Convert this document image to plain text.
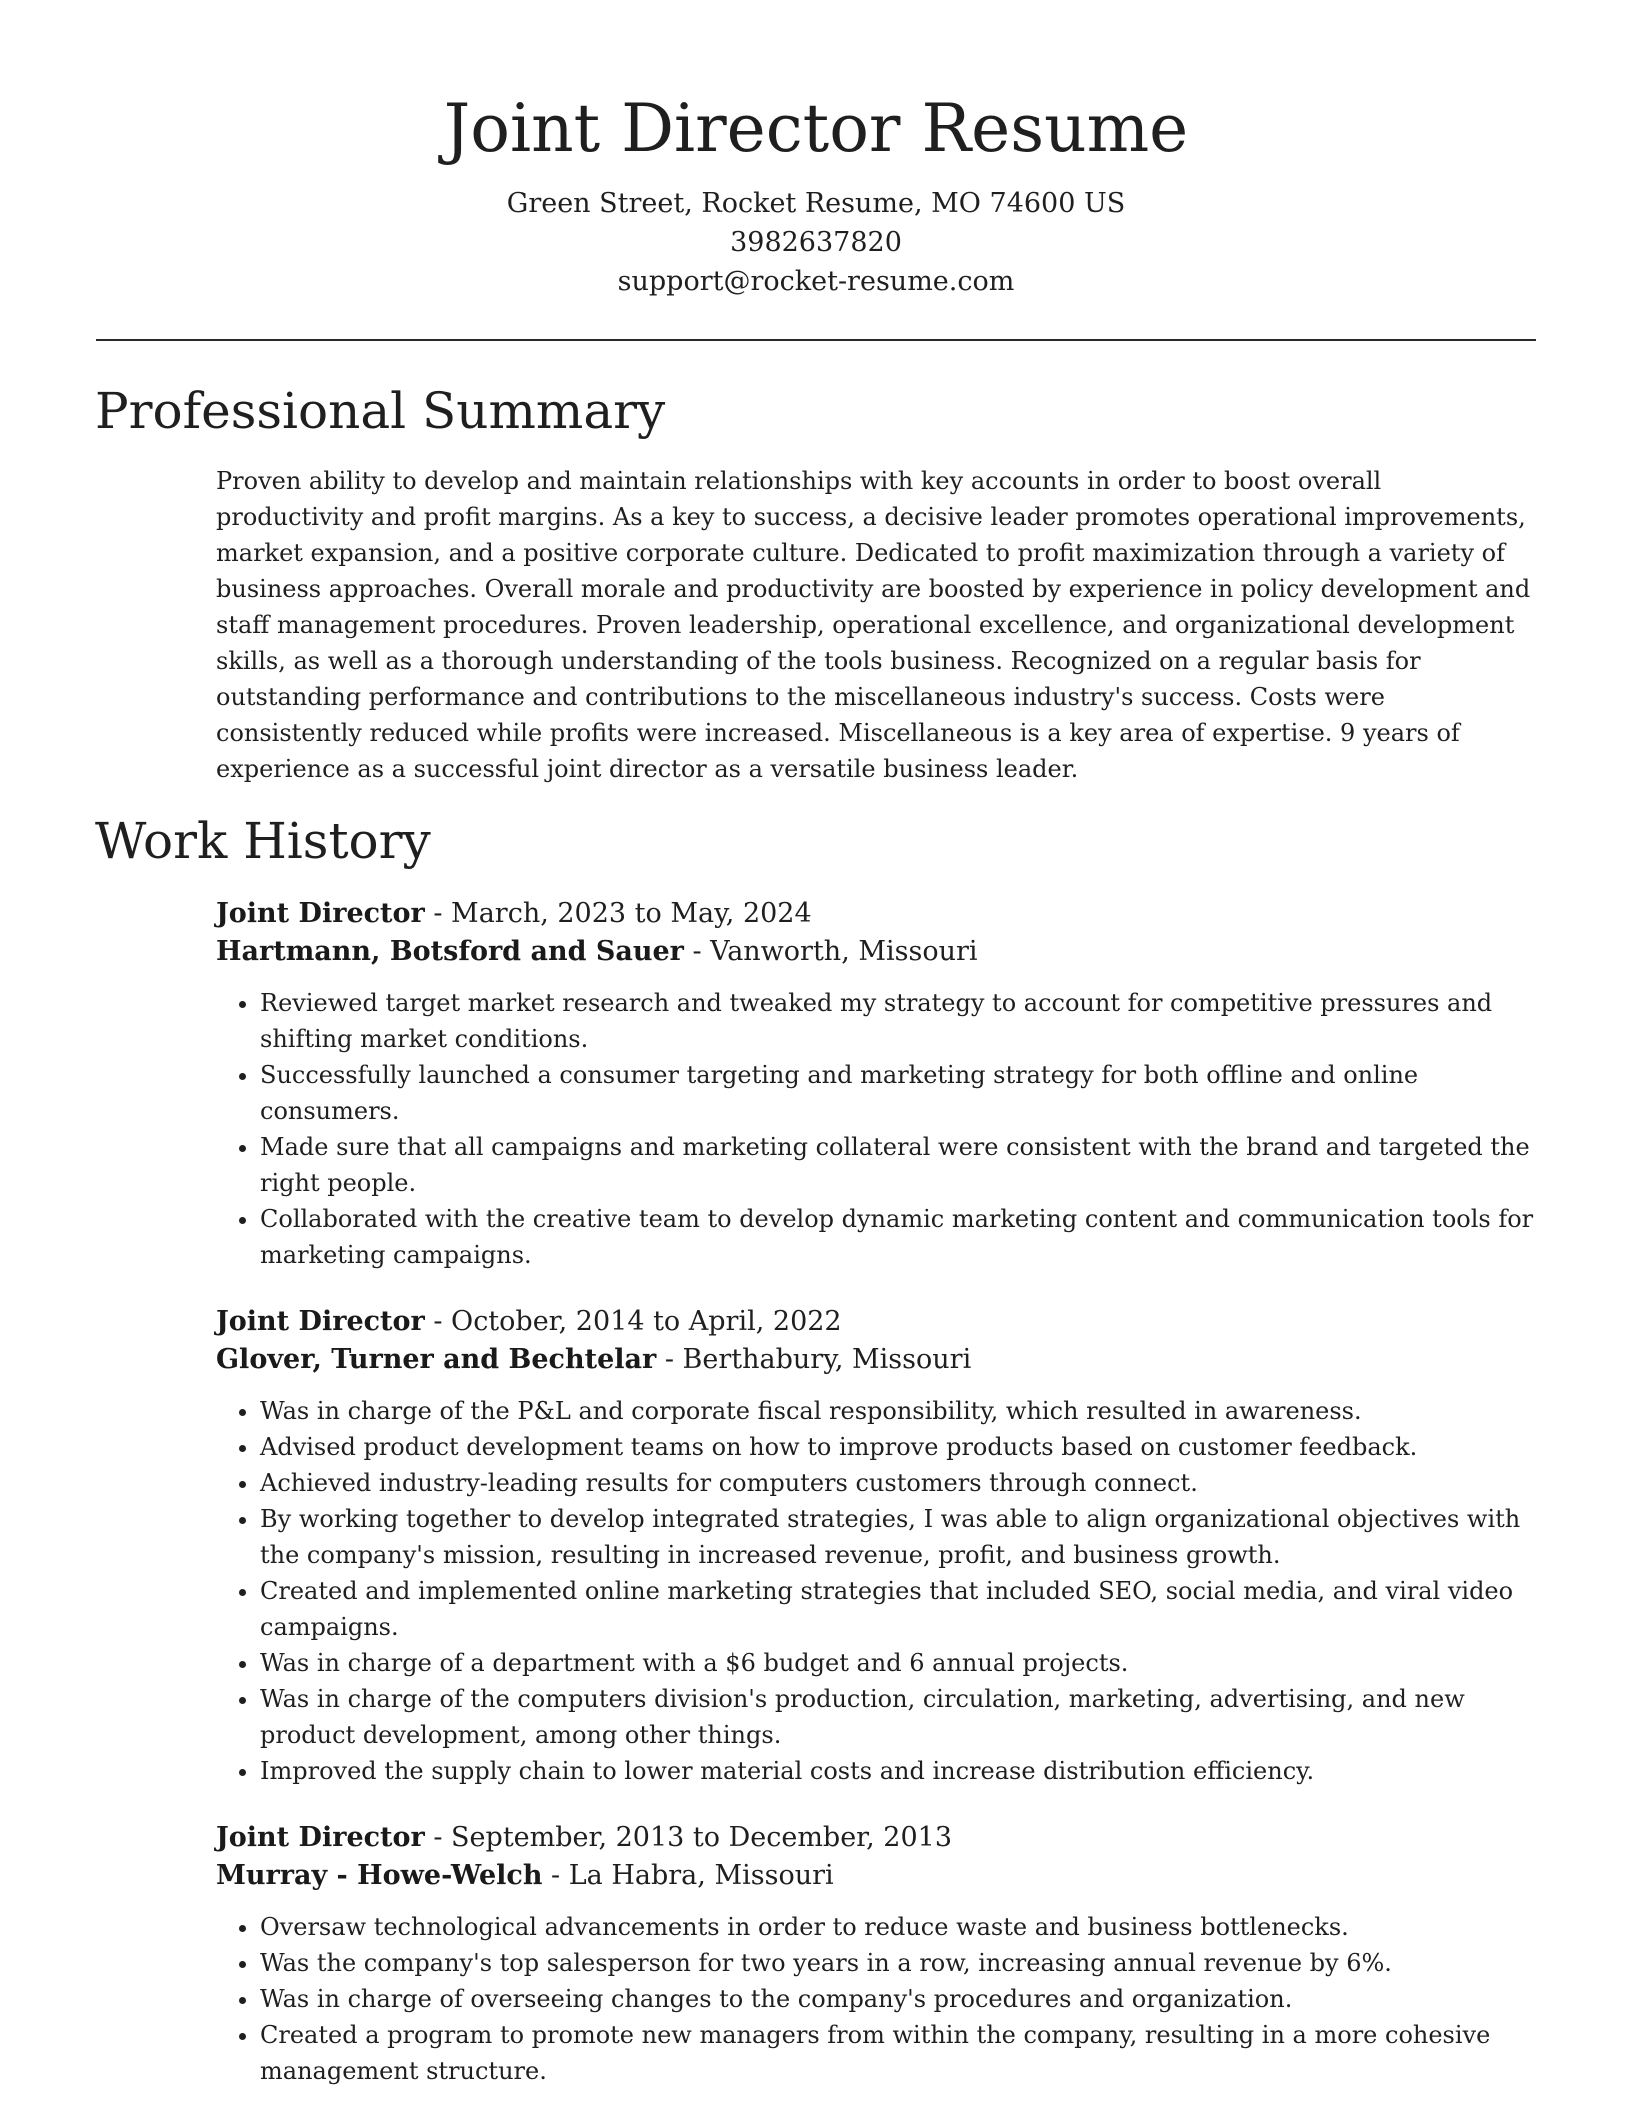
Joint Director Resume
Green Street, Rocket Resume, MO 74600 US
3982637820
support@rocket-resume.com
Professional Summary

Proven ability to develop and maintain relationships with key accounts in order to boost overall productivity and profit margins. As a key to success, a decisive leader promotes operational improvements, market expansion, and a positive corporate culture. Dedicated to profit maximization through a variety of business approaches. Overall morale and productivity are boosted by experience in policy development and staff management procedures. Proven leadership, operational excellence, and organizational development skills, as well as a thorough understanding of the tools business. Recognized on a regular basis for outstanding performance and contributions to the miscellaneous industry's success. Costs were consistently reduced while profits were increased. Miscellaneous is a key area of expertise. 9 years of experience as a successful joint director as a versatile business leader.

Work History
Joint Director - March, 2023 to May, 2024
Hartmann, Botsford and Sauer - Vanworth, Missouri
• Reviewed target market research and tweaked my strategy to account for competitive pressures and shifting market conditions.
• Successfully launched a consumer targeting and marketing strategy for both offline and online consumers.
• Made sure that all campaigns and marketing collateral were consistent with the brand and targeted the right people.
• Collaborated with the creative team to develop dynamic marketing content and communication tools for marketing campaigns.
Joint Director - October, 2014 to April, 2022
Glover, Turner and Bechtelar - Berthabury, Missouri
• Was in charge of the P&L and corporate fiscal responsibility, which resulted in awareness.
• Advised product development teams on how to improve products based on customer feedback.
• Achieved industry-leading results for computers customers through connect.
• By working together to develop integrated strategies, I was able to align organizational objectives with the company's mission, resulting in increased revenue, profit, and business growth.
• Created and implemented online marketing strategies that included SEO, social media, and viral video campaigns.
• Was in charge of a department with a $6 budget and 6 annual projects.
• Was in charge of the computers division's production, circulation, marketing, advertising, and new product development, among other things.
• Improved the supply chain to lower material costs and increase distribution efficiency.
Joint Director - September, 2013 to December, 2013
Murray - Howe-Welch - La Habra, Missouri
• Oversaw technological advancements in order to reduce waste and business bottlenecks.
• Was the company's top salesperson for two years in a row, increasing annual revenue by 6%.
• Was in charge of overseeing changes to the company's procedures and organization.
• Created a program to promote new managers from within the company, resulting in a more cohesive management structure.
